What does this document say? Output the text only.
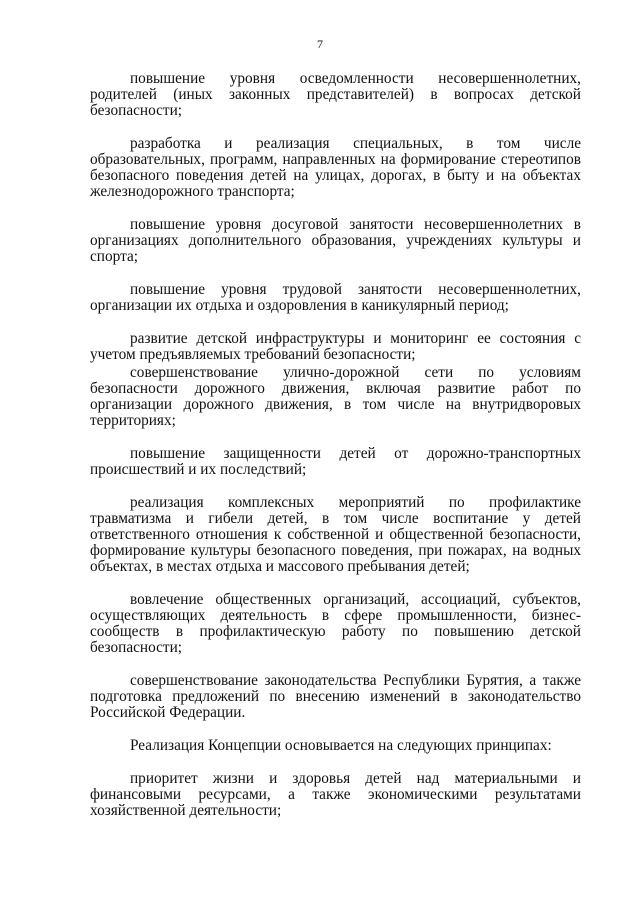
7

повышение уровня осведомленности несовершеннолетних, родителей (иных законных представителей) в вопросах детской безопасности;

разработка и реализация специальных, в том числе образовательных, программ, направленных на формирование стереотипов безопасного поведения детей на улицах, дорогах, в быту и на объектах железнодорожного транспорта;

повышение уровня досуговой занятости несовершеннолетних в организациях дополнительного образования, учреждениях культуры и спорта;

повышение уровня трудовой занятости несовершеннолетних, организации их отдыха и оздоровления в каникулярный период;

развитие детской инфраструктуры и мониторинг ее состояния с учетом предъявляемых требований безопасности;

совершенствование улично-дорожной сети по условиям безопасности дорожного движения, включая развитие работ по организации дорожного движения, в том числе на внутридворовых территориях;

повышение защищенности детей от дорожно-транспортных происшествий и их последствий;

реализация комплексных мероприятий по профилактике травматизма и гибели детей, в том числе воспитание у детей ответственного отношения к собственной и общественной безопасности, формирование культуры безопасного поведения, при пожарах, на водных объектах, в местах отдыха и массового пребывания детей;

вовлечение общественных организаций, ассоциаций, субъектов, осуществляющих деятельность в сфере промышленности, бизнес-сообществ в профилактическую работу по повышению детской безопасности;

совершенствование законодательства Республики Бурятия, а также подготовка предложений по внесению изменений в законодательство Российской Федерации.

Реализация Концепции основывается на следующих принципах:

приоритет жизни и здоровья детей над материальными и финансовыми ресурсами, а также экономическими результатами хозяйственной деятельности;
